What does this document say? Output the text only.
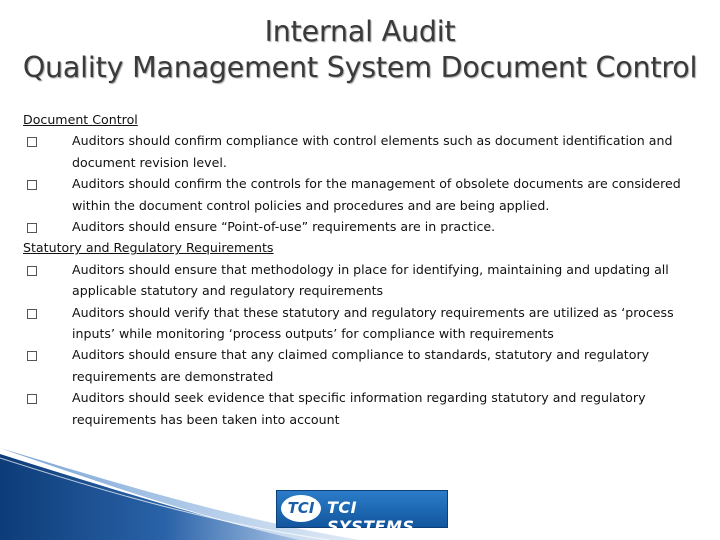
Internal Audit
Quality Management System Document Control
Document Control
Auditors should confirm compliance with control elements such as document identification and document revision level.
Auditors should confirm the controls for the management of obsolete documents are considered within the document control policies and procedures and are being applied.
Auditors should ensure “Point-of-use” requirements are in practice.
Statutory and Regulatory Requirements
Auditors should ensure that methodology in place for identifying, maintaining and updating all applicable statutory and regulatory requirements
Auditors should verify that these statutory and regulatory requirements are utilized as ‘process inputs’ while monitoring ‘process outputs’ for compliance with requirements
Auditors should ensure that any claimed compliance to standards, statutory and regulatory requirements are demonstrated
Auditors should seek evidence that specific information regarding statutory and regulatory requirements has been taken into account
TCI TCI SYSTEMS
